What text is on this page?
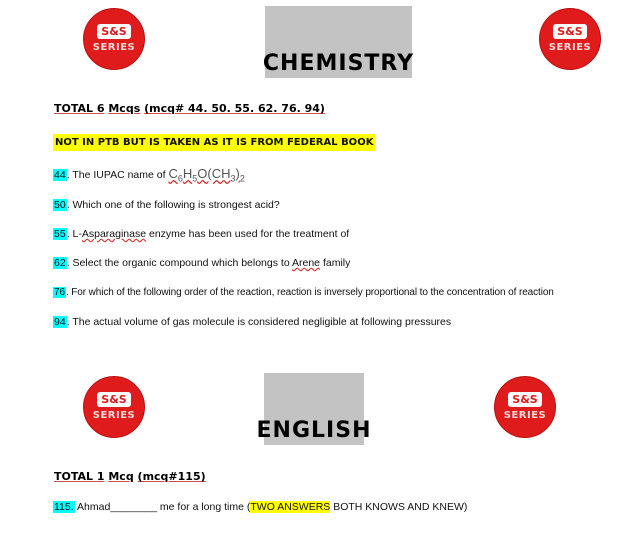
S&S
SERIES
S&S
SERIES
CHEMISTRY
TOTAL 6 Mcqs (mcq# 44. 50. 55. 62. 76. 94)
NOT IN PTB BUT IS TAKEN AS IT IS FROM FEDERAL BOOK
44. The IUPAC name of $C_6H_5O(CH_3)_2$
50. Which one of the following is strongest acid?
55. L-Asparaginase enzyme has been used for the treatment of
62. Select the organic compound which belongs to Arene family
76. For which of the following order of the reaction, reaction is inversely proportional to the concentration of reaction
94. The actual volume of gas molecule is considered negligible at following pressures
S&S
SERIES
S&S
SERIES
ENGLISH
TOTAL 1 Mcq (mcq#115)
115. Ahmad________ me for a long time (TWO ANSWERS BOTH KNOWS AND KNEW)
